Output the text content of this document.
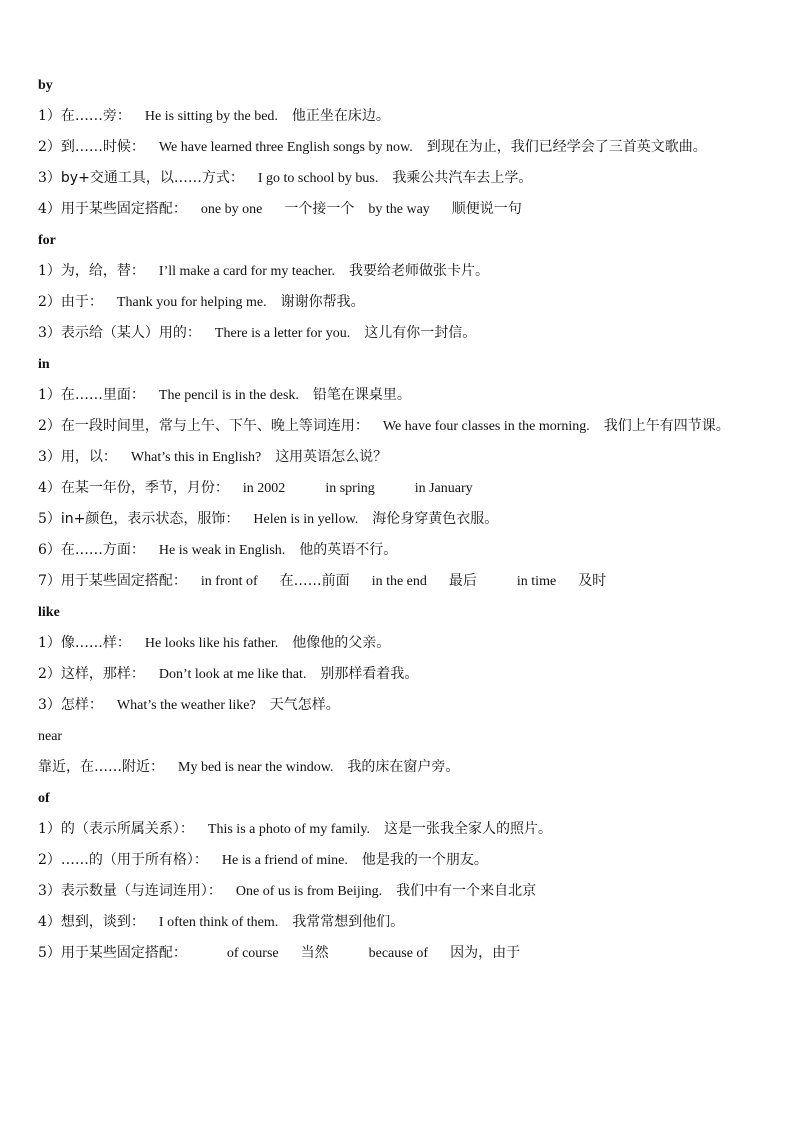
by
1）在……旁： He is sitting by the bed. 他正坐在床边。
2）到……时候： We have learned three English songs by now. 到现在为止，我们已经学会了三首英文歌曲。
3）by+交通工具，以……方式： I go to school by bus. 我乘公共汽车去上学。
4）用于某些固定搭配： one by one 一个接一个 by the way 顺便说一句
for
1）为，给，替： I’ll make a card for my teacher. 我要给老师做张卡片。
2）由于： Thank you for helping me. 谢谢你帮我。
3）表示给（某人）用的： There is a letter for you. 这儿有你一封信。
in
1）在……里面： The pencil is in the desk. 铅笔在课桌里。
2）在一段时间里，常与上午、下午、晚上等词连用： We have four classes in the morning. 我们上午有四节课。
3）用，以： What’s this in English? 这用英语怎么说？
4）在某一年份，季节，月份： in 2002	in spring	in January
5）in+颜色，表示状态，服饰： Helen is in yellow. 海伦身穿黄色衣服。
6）在……方面： He is weak in English. 他的英语不行。
7）用于某些固定搭配： in front of 在……前面 in the end 最后	in time 及时
like
1）像……样： He looks like his father. 他像他的父亲。
2）这样，那样： Don’t look at me like that. 别那样看着我。
3）怎样： What’s the weather like? 天气怎样。
near
靠近，在……附近： My bed is near the window. 我的床在窗户旁。
of
1）的（表示所属关系）： This is a photo of my family. 这是一张我全家人的照片。
2）……的（用于所有格）： He is a friend of mine. 他是我的一个朋友。
3）表示数量（与连词连用）： One of us is from Beijing. 我们中有一个来自北京
4）想到，谈到： I often think of them. 我常常想到他们。
5）用于某些固定搭配：	of course 当然	because of 因为，由于
